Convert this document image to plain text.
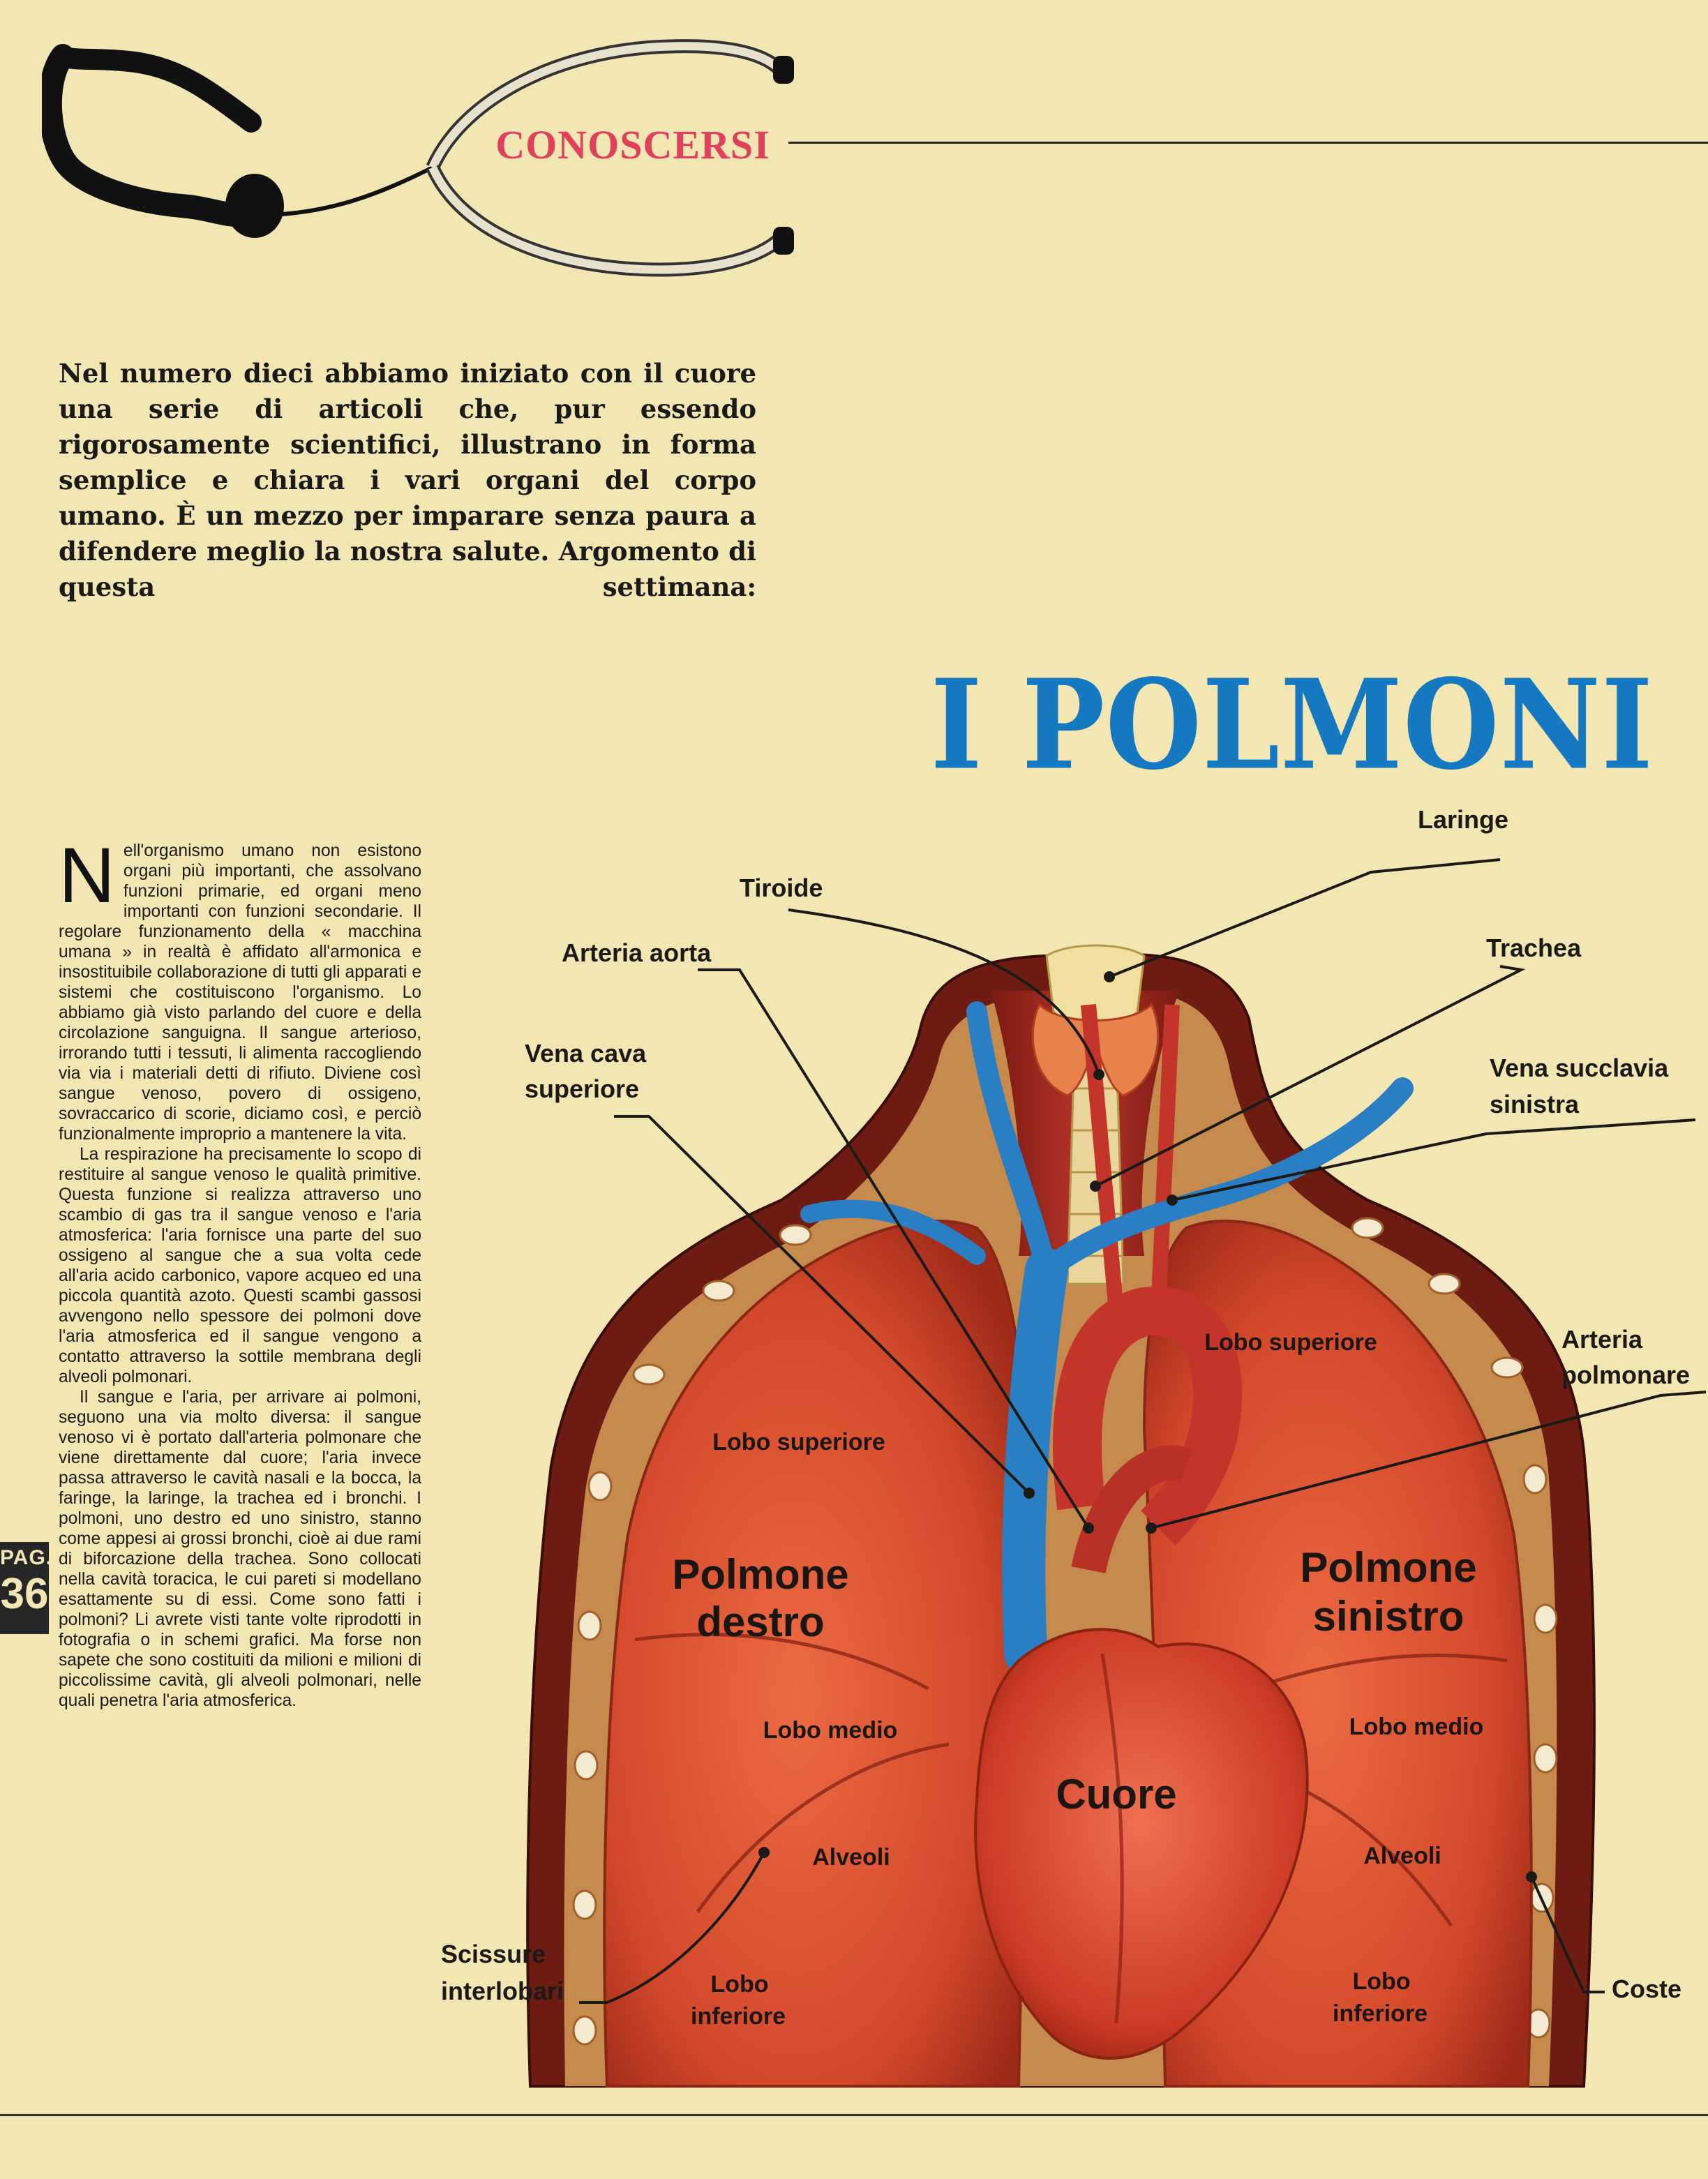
CONOSCERSI

Nel numero dieci abbiamo iniziato con il cuore una serie di articoli che, pur essendo rigorosamente scientifici, illustrano in forma semplice e chiara i vari organi del corpo umano. È un mezzo per imparare senza paura a difendere meglio la nostra salute. Argomento di questa settimana:

I POLMONI

Nell'organismo umano non esistono organi più importanti, che assolvano funzioni primarie, ed organi meno importanti con funzioni secondarie. Il regolare funzionamento della « macchina umana » in realtà è affidato all'armonica e insostituibile collaborazione di tutti gli apparati e sistemi che costituiscono l'organismo. Lo abbiamo già visto parlando del cuore e della circolazione sanguigna. Il sangue arterioso, irrorando tutti i tessuti, li alimenta raccogliendo via via i materiali detti di rifiuto. Diviene così sangue venoso, povero di ossigeno, sovraccarico di scorie, diciamo così, e perciò funzionalmente improprio a mantenere la vita.

La respirazione ha precisamente lo scopo di restituire al sangue venoso le qualità primitive. Questa funzione si realizza attraverso uno scambio di gas tra il sangue venoso e l'aria atmosferica: l'aria fornisce una parte del suo ossigeno al sangue che a sua volta cede all'aria acido carbonico, vapore acqueo ed una piccola quantità azoto. Questi scambi gassosi avvengono nello spessore dei polmoni dove l'aria atmosferica ed il sangue vengono a contatto attraverso la sottile membrana degli alveoli polmonari.

Il sangue e l'aria, per arrivare ai polmoni, seguono una via molto diversa: il sangue venoso vi è portato dall'arteria polmonare che viene direttamente dal cuore; l'aria invece passa attraverso le cavità nasali e la bocca, la faringe, la laringe, la trachea ed i bronchi. I polmoni, uno destro ed uno sinistro, stanno come appesi ai grossi bronchi, cioè ai due rami di biforcazione della trachea. Sono collocati nella cavità toracica, le cui pareti si modellano esattamente su di essi. Come sono fatti i polmoni? Li avrete visti tante volte riprodotti in fotografia o in schemi grafici. Ma forse non sapete che sono costituiti da milioni e milioni di piccolissime cavità, gli alveoli polmonari, nelle quali penetra l'aria atmosferica.

PAG.
36
Laringe
Tiroide
Arteria aorta	Trachea
Vena cava
superiore
Vena succlavia
sinistra
Arteria
polmonare
Scissure
interlobari	Coste
Lobo superiore
Lobo superiore
Polmone
destro
Polmone
sinistro
Lobo medio	Lobo medio
Cuore
Alveoli	Alveoli
Lobo
inferiore
Lobo
inferiore
